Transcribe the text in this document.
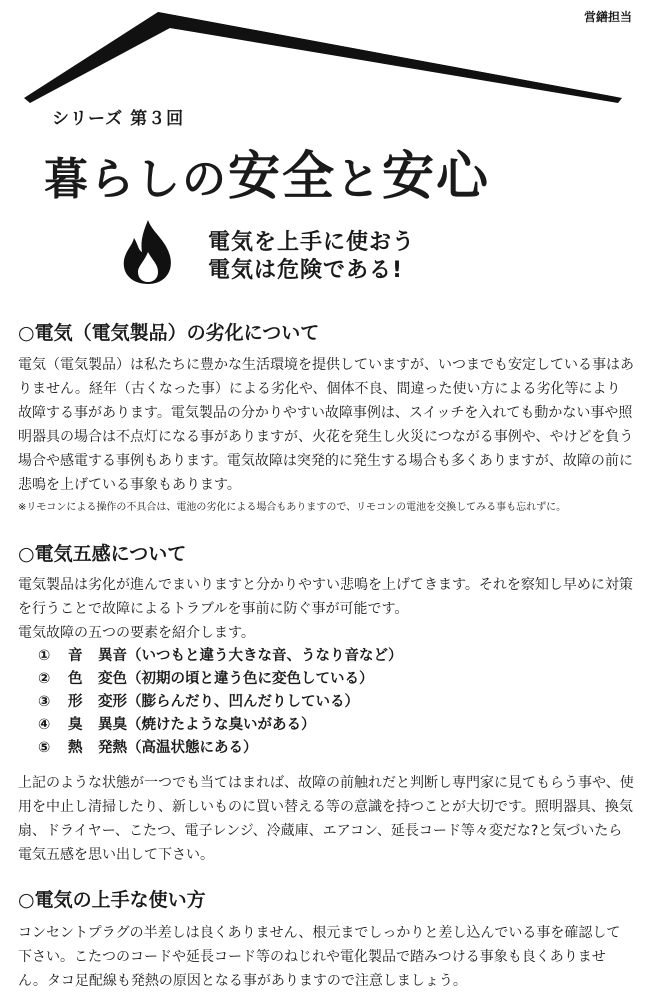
営繕担当
シリーズ 第３回
暮らしの安全と安心
電気を上手に使おう
電気は危険である!
○電気（電気製品）の劣化について

電気（電気製品）は私たちに豊かな生活環境を提供していますが、いつまでも安定している事はありません。経年（古くなった事）による劣化や、個体不良、間違った使い方による劣化等により故障する事があります。電気製品の分かりやすい故障事例は、スイッチを入れても動かない事や照明器具の場合は不点灯になる事がありますが、火花を発生し火災につながる事例や、やけどを負う場合や感電する事例もあります。電気故障は突発的に発生する場合も多くありますが、故障の前に悲鳴を上げている事象もあります。

※リモコンによる操作の不具合は、電池の劣化による場合もありますので、リモコンの電池を交換してみる事も忘れずに。
○電気五感について

電気製品は劣化が進んでまいりますと分かりやすい悲鳴を上げてきます。それを察知し早めに対策を行うことで故障によるトラブルを事前に防ぐ事が可能です。

電気故障の五つの要素を紹介します。

① 音 異音（いつもと違う大きな音、うなり音など）
② 色 変色（初期の頃と違う色に変色している）
③ 形 変形（膨らんだり、凹んだりしている）
④ 臭 異臭（焼けたような臭いがある）
⑤ 熱 発熱（高温状態にある）

上記のような状態が一つでも当てはまれば、故障の前触れだと判断し専門家に見てもらう事や、使用を中止し清掃したり、新しいものに買い替える等の意識を持つことが大切です。照明器具、換気扇、ドライヤー、こたつ、電子レンジ、冷蔵庫、エアコン、延長コード等々変だな?と気づいたら電気五感を思い出して下さい。

○電気の上手な使い方

コンセントプラグの半差しは良くありません、根元までしっかりと差し込んでいる事を確認して下さい。こたつのコードや延長コード等のねじれや電化製品で踏みつける事象も良くありません。タコ足配線も発熱の原因となる事がありますので注意しましょう。
